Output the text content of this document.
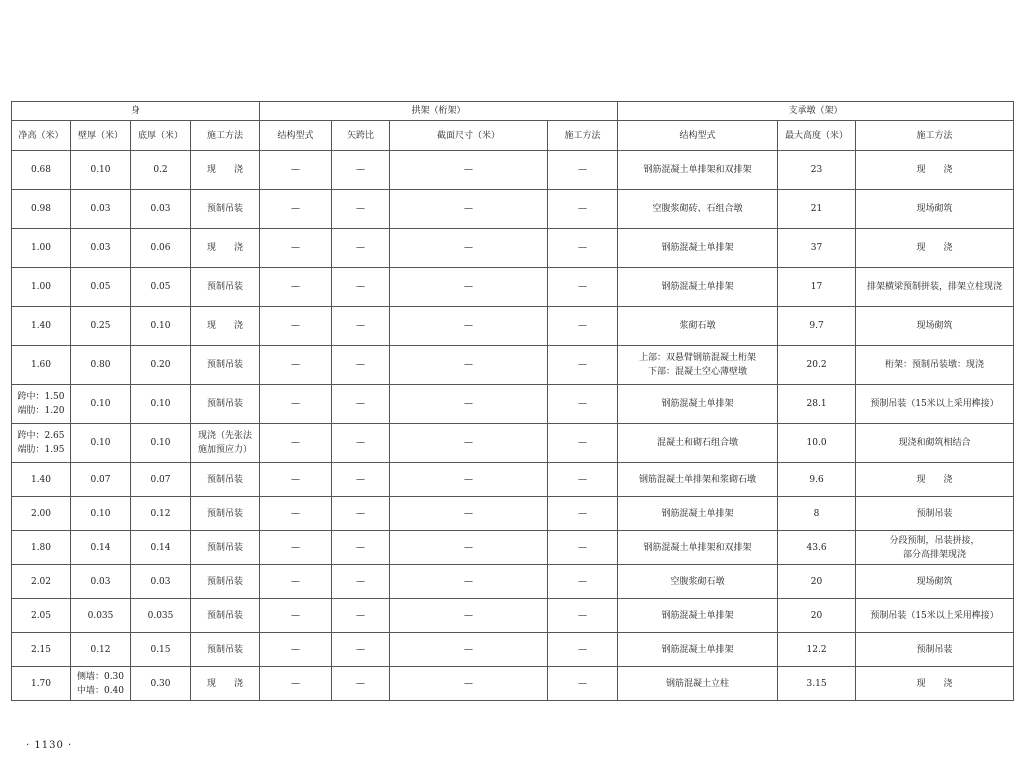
身				拱架（桁架）				支承墩（架）		
净高（米）	壁厚（米）	底厚（米）	施工方法	结构型式	矢跨比	截面尺寸（米）	施工方法	结构型式	最大高度（米）	施工方法
0.68	0.10	0.2	现　　浇	—	—	—	—	钢筋混凝土单排架和双排架	23	现　　浇
0.98	0.03	0.03	预制吊装	—	—	—	—	空腹浆砌砖、石组合墩	21	现场砌筑
1.00	0.03	0.06	现　　浇	—	—	—	—	钢筋混凝土单排架	37	现　　浇
1.00	0.05	0.05	预制吊装	—	—	—	—	钢筋混凝土单排架	17	排架横梁预制拼装，排架立柱现浇
1.40	0.25	0.10	现　　浇	—	—	—	—	浆砌石墩	9.7	现场砌筑
1.60	0.80	0.20	预制吊装	—	—	—	—	上部：双悬臂钢筋混凝土桁架
下部：混凝土空心薄壁墩	20.2	桁架：预制吊装墩：现浇
跨中：1.50
端肋：1.20	0.10	0.10	预制吊装	—	—	—	—	钢筋混凝土单排架	28.1	预制吊装（15米以上采用榫接）
跨中：2.65
端肋：1.95	0.10	0.10	现浇（先张法
施加预应力）	—	—	—	—	混凝土和砌石组合墩	10.0	现浇和砌筑相结合
1.40	0.07	0.07	预制吊装	—	—	—	—	钢筋混凝土单排架和浆砌石墩	9.6	现　　浇
2.00	0.10	0.12	预制吊装	—	—	—	—	钢筋混凝土单排架	8	预制吊装
1.80	0.14	0.14	预制吊装	—	—	—	—	钢筋混凝土单排架和双排架	43.6	分段预制，吊装拼接，
部分高排架现浇
2.02	0.03	0.03	预制吊装	—	—	—	—	空腹浆砌石墩	20	现场砌筑
2.05	0.035	0.035	预制吊装	—	—	—	—	钢筋混凝土单排架	20	预制吊装（15米以上采用榫接）
2.15	0.12	0.15	预制吊装	—	—	—	—	钢筋混凝土单排架	12.2	预制吊装
1.70	侧墙：0.30
中墙：0.40	0.30	现　　浇	—	—	—	—	钢筋混凝土立柱	3.15	现　　浇
· 1130 ·
